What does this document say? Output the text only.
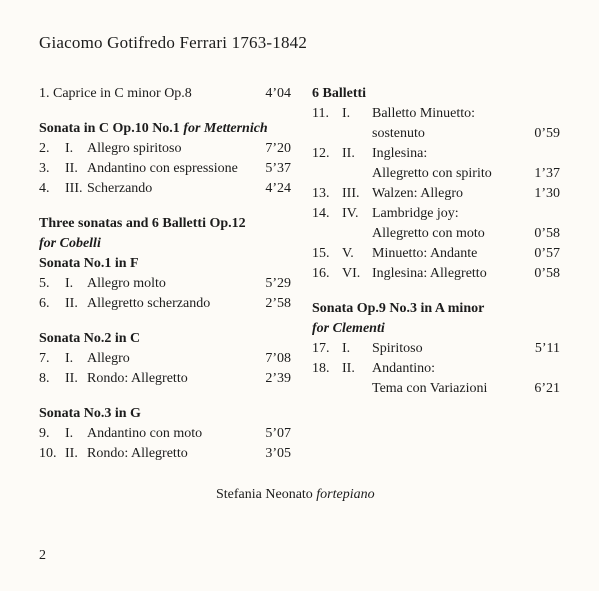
Giacomo Gotifredo Ferrari 1763-1842
1. Caprice in C minor Op.8	4’04
Sonata in C Op.10 No.1 for Metternich
2. I. Allegro spiritoso	7’20
3. II. Andantino con espressione 5’37
4. III. Scherzando	4’24
Three sonatas and 6 Balletti Op.12
for Cobelli
Sonata No.1 in F
5. I. Allegro molto	5’29
6. II. Allegretto scherzando	2’58
Sonata No.2 in C
7. I. Allegro	7’08
8. II. Rondo: Allegretto	2’39
Sonata No.3 in G
9. I. Andantino con moto	5’07
10. II. Rondo: Allegretto	3’05
6 Balletti
11. I. Balletto Minuetto:
sostenuto	0’59
12. II. Inglesina:
Allegretto con spirito	1’37
13. III. Walzen: Allegro	1’30
14. IV. Lambridge joy:
Allegretto con moto	0’58
15. V. Minuetto: Andante	0’57
16. VI. Inglesina: Allegretto	0’58
Sonata Op.9 No.3 in A minor
for Clementi
17. I. Spiritoso	5’11
18. II. Andantino:
Tema con Variazioni	6’21
Stefania Neonato fortepiano
2
